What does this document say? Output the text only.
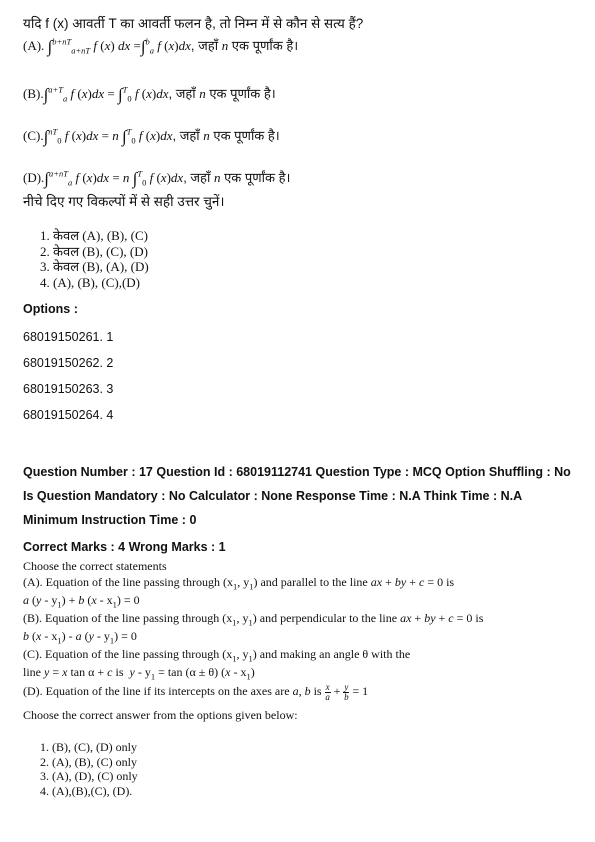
यदि f (x) आवर्ती T का आवर्ती फलन है, तो निम्न में से कौन से सत्य हैं?
(A). ∫$^{b+nT}_{a+nT}$ f (x) dx =∫$^b_a$ f (x)dx, जहाँ n एक पूर्णांक है।
(B).∫$^{a+T}_a$ f (x)dx = ∫$^T_0$ f (x)dx, जहाँ n एक पूर्णांक है।
(C).∫$^{nT}_0$ f (x)dx = n ∫$^T_0$ f (x)dx, जहाँ n एक पूर्णांक है।
(D).∫$^{a+nT}_a$ f (x)dx = n ∫$^T_0$ f (x)dx, जहाँ n एक पूर्णांक है।
नीचे दिए गए विकल्पों में से सही उत्तर चुनें।
1. केवल (A), (B), (C)
2. केवल (B), (C), (D)
3. केवल (B), (A), (D)
4. (A), (B), (C),(D)
Options :
68019150261. 1
68019150262. 2
68019150263. 3
68019150264. 4
Question Number : 17 Question Id : 68019112741 Question Type : MCQ Option Shuffling : No
Is Question Mandatory : No Calculator : None Response Time : N.A Think Time : N.A
Minimum Instruction Time : 0
Correct Marks : 4 Wrong Marks : 1
Choose the correct statements
(A). Equation of the line passing through ($x_1$, $y_1$) and parallel to the line ax + by + c = 0 is
a $(y - y_1) + b$ $(x - x_1) = 0$
(B). Equation of the line passing through ($x_1$, $y_1$) and perpendicular to the line ax + by + c = 0 is
b $(x - x_1)$ - a $(y - y_1) = 0$
(C). Equation of the line passing through ($x_1$, $y_1$) and making an angle θ with the
line y = x tan α + c is  $y - y_1 = \tan (\alpha \pm \theta)$ $(x - x_1)$
(D). Equation of the line if its intercepts on the axes are a, b is $\frac{x}{a} + \frac{y}{b} = 1$
Choose the correct answer from the options given below:
1. (B), (C), (D) only
2. (A), (B), (C) only
3. (A), (D), (C) only
4. (A),(B),(C), (D).
